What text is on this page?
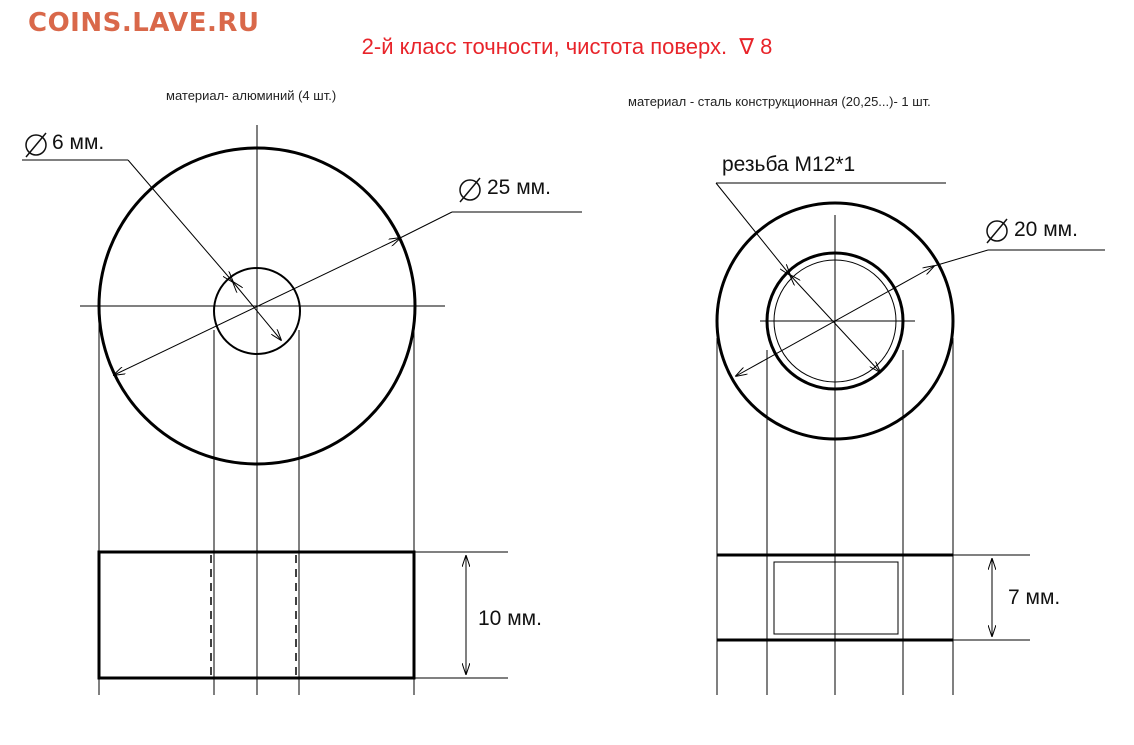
COINS.LAVE.RU
2-й класс точности, чистота поверх. ∇ 8
материал- алюминий (4 шт.)	материал - сталь конструкционная (20,25...)- 1 шт.
6 мм.
25 мм.
10 мм.
резьба М12*1
20 мм.
7 мм.
